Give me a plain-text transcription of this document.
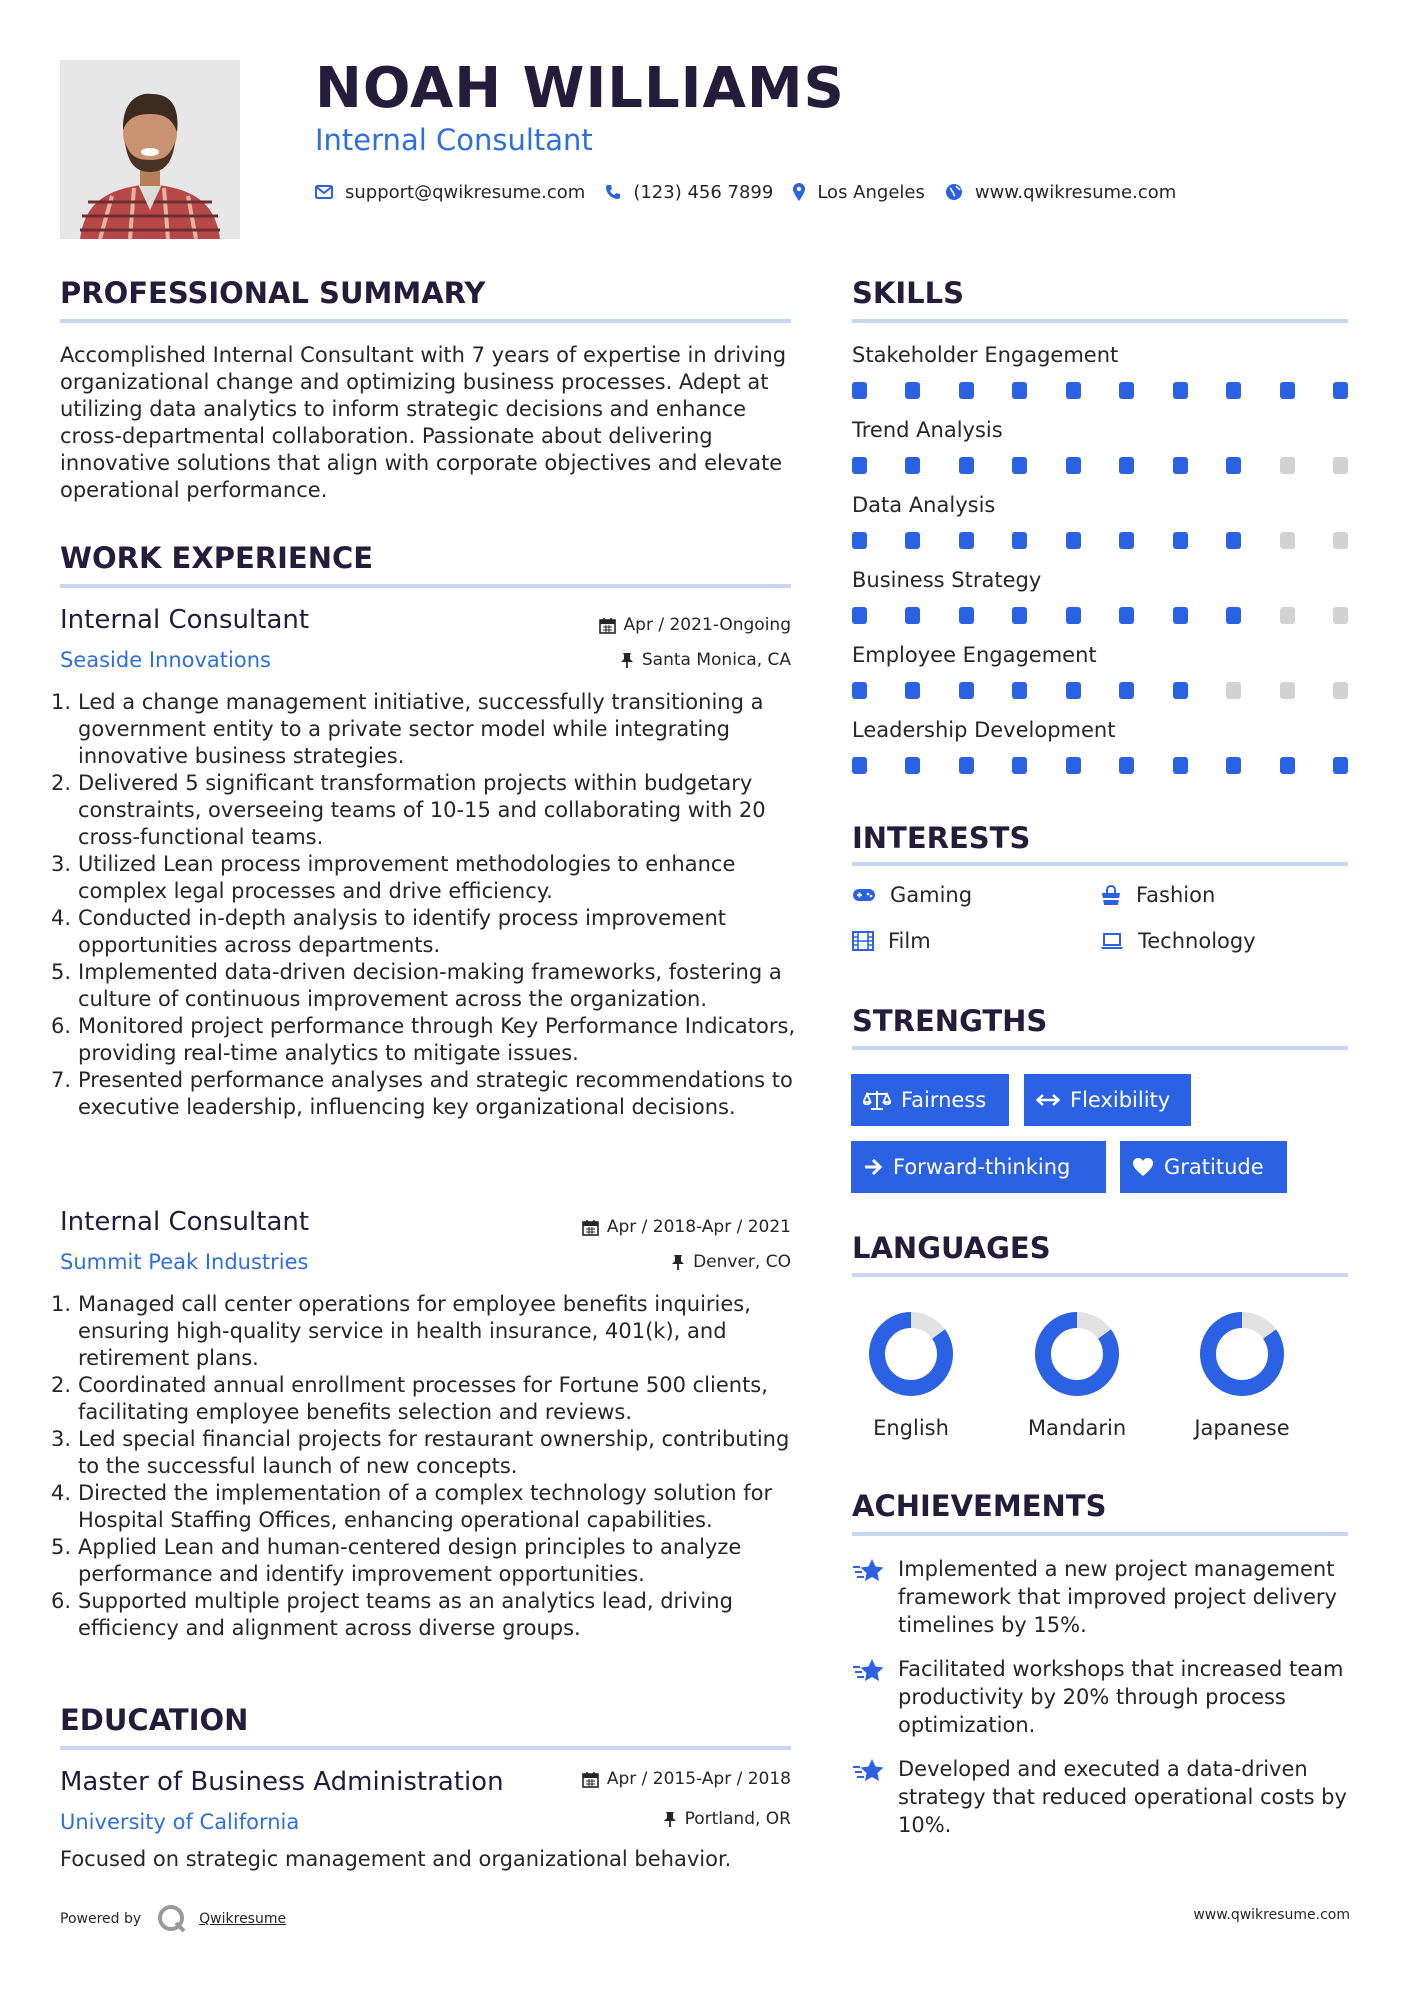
NOAH WILLIAMS
Internal Consultant
support@qwikresume.com	(123) 456 7899 Los Angeles	www.qwikresume.com
PROFESSIONAL SUMMARY
Accomplished Internal Consultant with 7 years of expertise in driving organizational change and optimizing business processes. Adept at utilizing data analytics to inform strategic decisions and enhance cross-departmental collaboration. Passionate about delivering innovative solutions that align with corporate objectives and elevate operational performance.
WORK EXPERIENCE
Internal Consultant	Apr / 2021-Ongoing
Seaside Innovations	Santa Monica, CA
1. Led a change management initiative, successfully transitioning a government entity to a private sector model while integrating innovative business strategies.
2. Delivered 5 significant transformation projects within budgetary constraints, overseeing teams of 10-15 and collaborating with 20 cross-functional teams.
3. Utilized Lean process improvement methodologies to enhance complex legal processes and drive efficiency.
4. Conducted in-depth analysis to identify process improvement opportunities across departments.
5. Implemented data-driven decision-making frameworks, fostering a culture of continuous improvement across the organization.
6. Monitored project performance through Key Performance Indicators, providing real-time analytics to mitigate issues.
7. Presented performance analyses and strategic recommendations to executive leadership, influencing key organizational decisions.
Internal Consultant	Apr / 2018-Apr / 2021
Summit Peak Industries	Denver, CO
1. Managed call center operations for employee benefits inquiries, ensuring high-quality service in health insurance, 401(k), and retirement plans.
2. Coordinated annual enrollment processes for Fortune 500 clients, facilitating employee benefits selection and reviews.
3. Led special financial projects for restaurant ownership, contributing to the successful launch of new concepts.
4. Directed the implementation of a complex technology solution for Hospital Staffing Offices, enhancing operational capabilities.
5. Applied Lean and human-centered design principles to analyze performance and identify improvement opportunities.
6. Supported multiple project teams as an analytics lead, driving efficiency and alignment across diverse groups.
EDUCATION
Master of Business Administration	Apr / 2015-Apr / 2018
University of California	Portland, OR
Focused on strategic management and organizational behavior.
Powered by	Qwikresume	www.qwikresume.com
SKILLS
Stakeholder Engagement
Trend Analysis
Data Analysis
Business Strategy
Employee Engagement
Leadership Development
INTERESTS
Gaming	Fashion
Film	Technology
STRENGTHS
Fairness	Flexibility
Forward-thinking	Gratitude
LANGUAGES
English	Mandarin	Japanese
ACHIEVEMENTS
Implemented a new project management framework that improved project delivery timelines by 15%.
Facilitated workshops that increased team productivity by 20% through process optimization.
Developed and executed a data-driven strategy that reduced operational costs by 10%.
